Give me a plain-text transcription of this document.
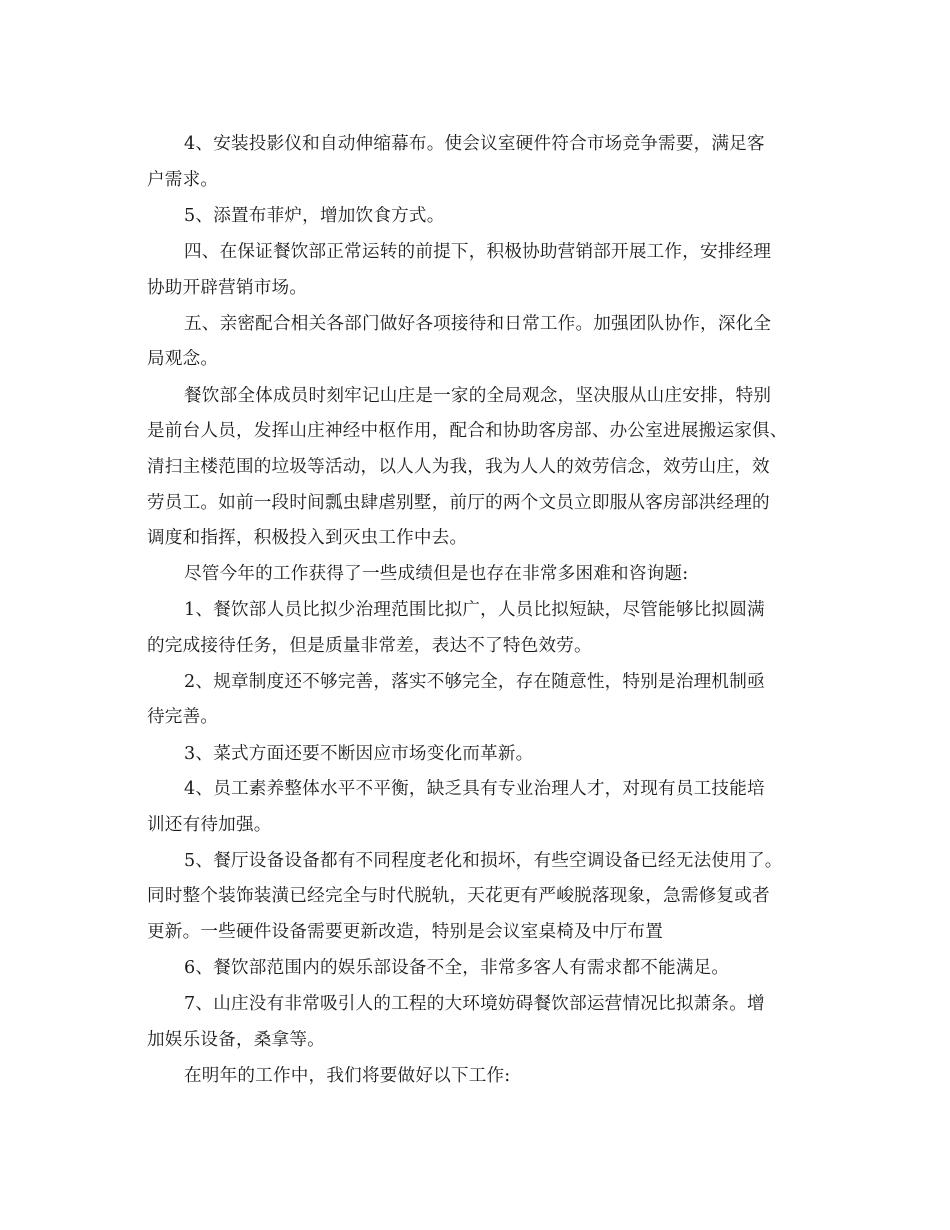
4、安装投影仪和自动伸缩幕布。使会议室硬件符合市场竞争需要，满足客
户需求。
5、添置布菲炉，增加饮食方式。
四、在保证餐饮部正常运转的前提下，积极协助营销部开展工作，安排经理
协助开辟营销市场。
五、亲密配合相关各部门做好各项接待和日常工作。加强团队协作，深化全
局观念。
餐饮部全体成员时刻牢记山庄是一家的全局观念，坚决服从山庄安排，特别
是前台人员，发挥山庄神经中枢作用，配合和协助客房部、办公室进展搬运家俱、
清扫主楼范围的垃圾等活动，以人人为我，我为人人的效劳信念，效劳山庄，效
劳员工。如前一段时间瓢虫肆虐别墅，前厅的两个文员立即服从客房部洪经理的
调度和指挥，积极投入到灭虫工作中去。
尽管今年的工作获得了一些成绩但是也存在非常多困难和咨询题:
1、餐饮部人员比拟少治理范围比拟广，人员比拟短缺，尽管能够比拟圆满
的完成接待任务，但是质量非常差，表达不了特色效劳。
2、规章制度还不够完善，落实不够完全，存在随意性，特别是治理机制亟
待完善。
3、菜式方面还要不断因应市场变化而革新。
4、员工素养整体水平不平衡，缺乏具有专业治理人才，对现有员工技能培
训还有待加强。
5、餐厅设备设备都有不同程度老化和损坏，有些空调设备已经无法使用了。
同时整个装饰装潢已经完全与时代脱轨，天花更有严峻脱落现象，急需修复或者
更新。一些硬件设备需要更新改造，特别是会议室桌椅及中厅布置
6、餐饮部范围内的娱乐部设备不全，非常多客人有需求都不能满足。
7、山庄没有非常吸引人的工程的大环境妨碍餐饮部运营情况比拟萧条。增
加娱乐设备，桑拿等。
在明年的工作中，我们将要做好以下工作:
